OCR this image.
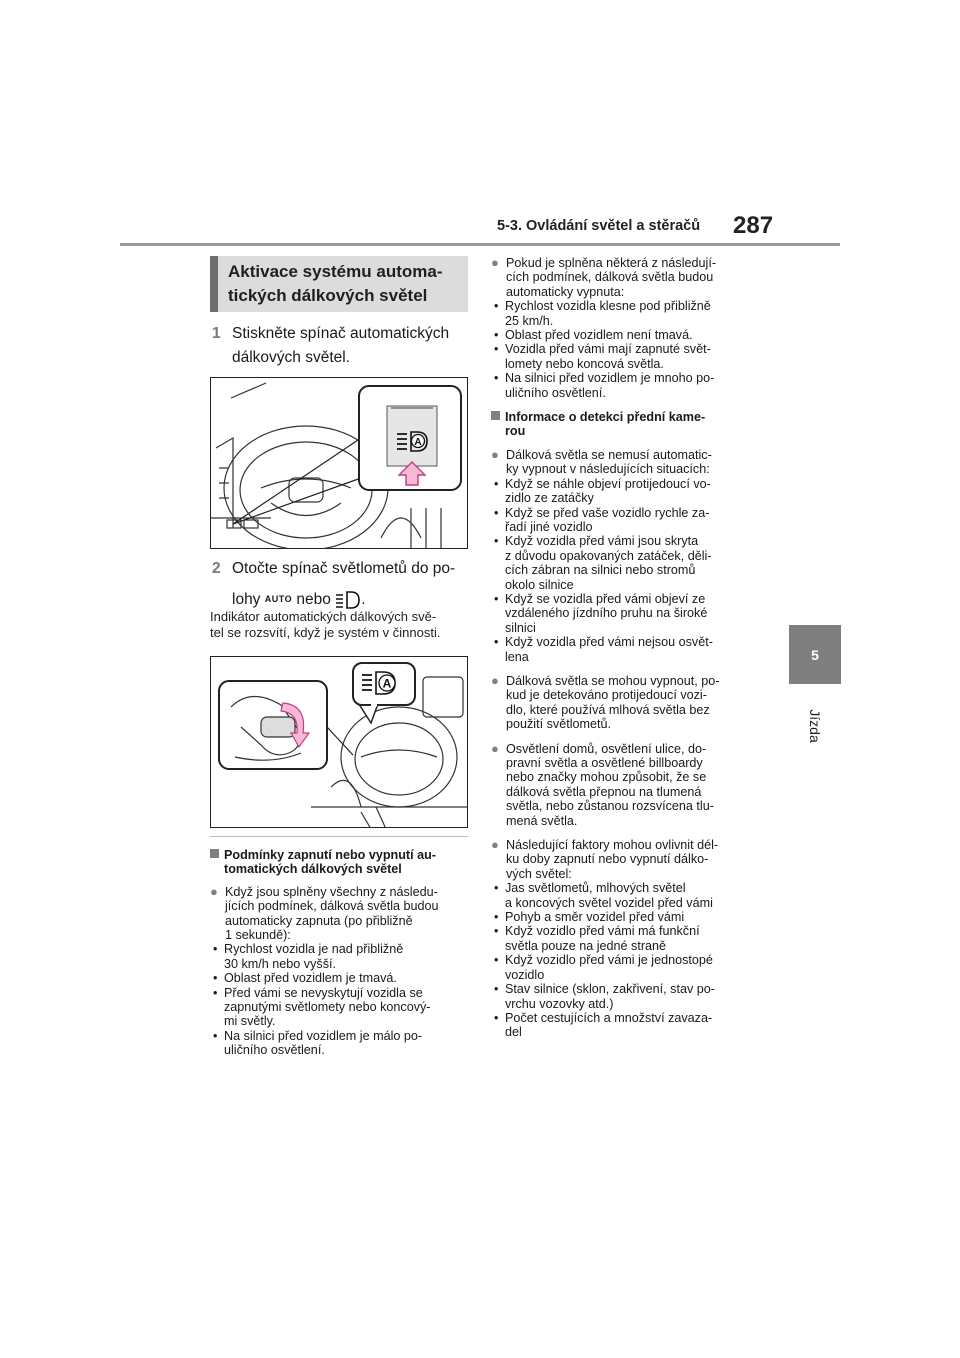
5-3. Ovládání světel a stěračů 287
5
Jízda
Aktivace systému automa-
tických dálkových světel
1 Stiskněte spínač automatických
dálkových světel.
A
2 Otočte spínač světlometů do po-
lohy AUTO nebo .
Indikátor automatických dálkových svě-
tel se rozsvítí, když je systém v činnosti.
A
Podmínky zapnutí nebo vypnutí au-
tomatických dálkových světel
● Když jsou splněny všechny z následu-
jících podmínek, dálková světla budou
automaticky zapnuta (po přibližně
1 sekundě):
• Rychlost vozidla je nad přibližně
30 km/h nebo vyšší.
• Oblast před vozidlem je tmavá.
• Před vámi se nevyskytují vozidla se
zapnutými světlomety nebo koncový-
mi světly.
• Na silnici před vozidlem je málo po-
uličního osvětlení.
● Pokud je splněna některá z následují-
cích podmínek, dálková světla budou
automaticky vypnuta:
• Rychlost vozidla klesne pod přibližně
25 km/h.
• Oblast před vozidlem není tmavá.
• Vozidla před vámi mají zapnuté svět-
lomety nebo koncová světla.
• Na silnici před vozidlem je mnoho po-
uličního osvětlení.
Informace o detekci přední kame-
rou
● Dálková světla se nemusí automatic-
ky vypnout v následujících situacích:
• Když se náhle objeví protijedoucí vo-
zidlo ze zatáčky
• Když se před vaše vozidlo rychle za-
řadí jiné vozidlo
• Když vozidla před vámi jsou skryta
z důvodu opakovaných zatáček, děli-
cích zábran na silnici nebo stromů
okolo silnice
• Když se vozidla před vámi objeví ze
vzdáleného jízdního pruhu na široké
silnici
• Když vozidla před vámi nejsou osvět-
lena
● Dálková světla se mohou vypnout, po-
kud je detekováno protijedoucí vozi-
dlo, které používá mlhová světla bez
použití světlometů.
● Osvětlení domů, osvětlení ulice, do-
pravní světla a osvětlené billboardy
nebo značky mohou způsobit, že se
dálková světla přepnou na tlumená
světla, nebo zůstanou rozsvícena tlu-
mená světla.
● Následující faktory mohou ovlivnit dél-
ku doby zapnutí nebo vypnutí dálko-
vých světel:
• Jas světlometů, mlhových světel
a koncových světel vozidel před vámi
• Pohyb a směr vozidel před vámi
• Když vozidlo před vámi má funkční
světla pouze na jedné straně
• Když vozidlo před vámi je jednostopé
vozidlo
• Stav silnice (sklon, zakřivení, stav po-
vrchu vozovky atd.)
• Počet cestujících a množství zavaza-
del
